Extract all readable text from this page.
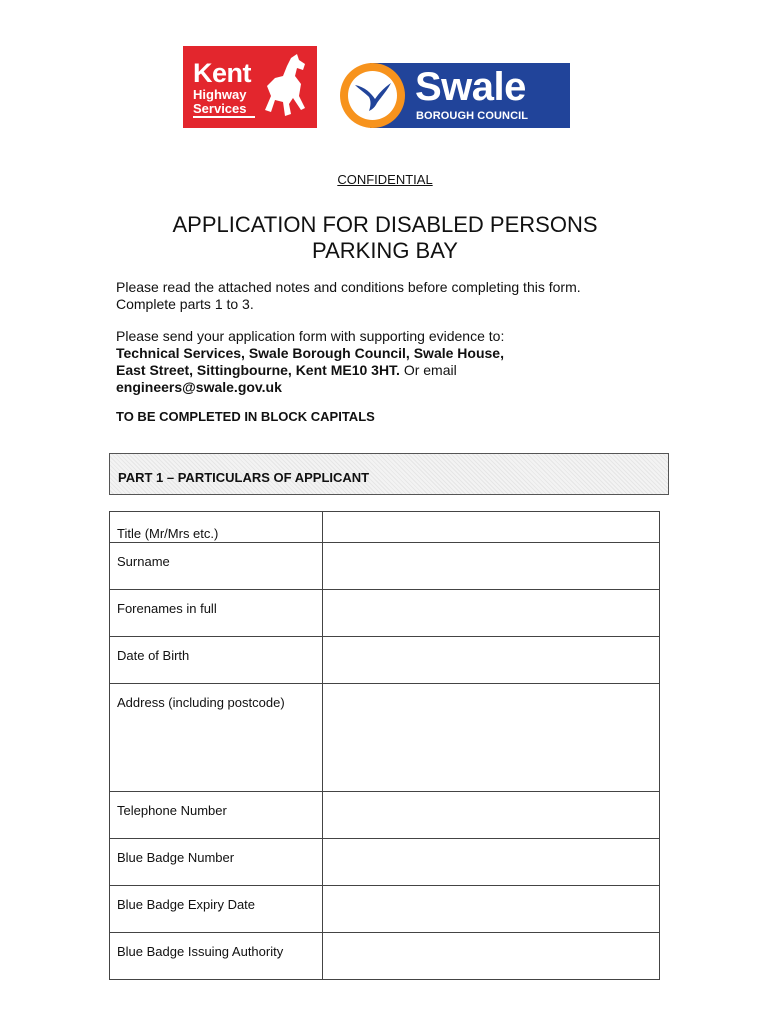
Kent
Highway
Services	Swale
BOROUGH COUNCIL
CONFIDENTIAL
APPLICATION FOR DISABLED PERSONS
PARKING BAY
Please read the attached notes and conditions before completing this form.
Complete parts 1 to 3.
Please send your application form with supporting evidence to:
Technical Services, Swale Borough Council, Swale House,
East Street, Sittingbourne, Kent ME10 3HT. Or email
engineers@swale.gov.uk
TO BE COMPLETED IN BLOCK CAPITALS
PART 1 – PARTICULARS OF APPLICANT
Title (Mr/Mrs etc.)	
Surname	
Forenames in full	
Date of Birth	
Address (including postcode)	
Telephone Number	
Blue Badge Number	
Blue Badge Expiry Date	
Blue Badge Issuing Authority	
